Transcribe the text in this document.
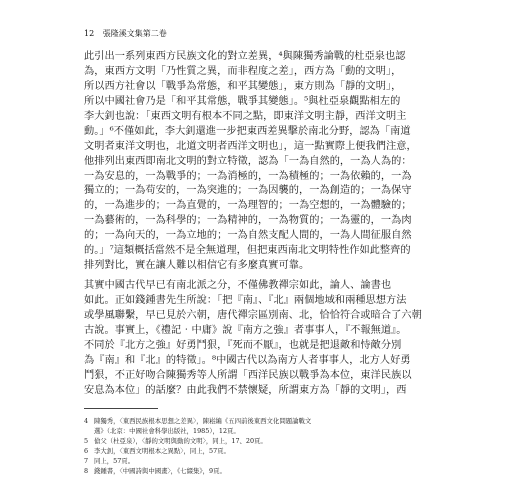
12 張隆溪文集第二卷
此引出一系列東西方民族文化的對立差異，⁴與陳獨秀論戰的杜亞泉也認
為，東西方文明「乃性質之異，而非程度之差」，西方為「動的文明」，
所以西方社會以「戰爭為常態，和平其變態」，東方則為「靜的文明」，
所以中國社會乃是「和平其常態，戰爭其變態」。⁵與杜亞泉觀點相左的
李大釗也說：「東西文明有根本不同之點，即東洋文明主靜，西洋文明主
動。」⁶不僅如此，李大釗還進一步把東西差異擊於南北分野，認為「南道
文明者東洋文明也，北道文明者西洋文明也」，這一點實際上便我們注意，
他排列出東西即南北文明的對立特徵，認為「一為自然的，一為人為的：
一為安息的，一為戰爭的；一為消極的，一為積極的；一為依賴的，一為
獨立的；一為苟安的，一為突進的；一為因襲的，一為創造的；一為保守
的，一為進步的；一為直覺的，一為理智的；一為空想的，一為體驗的；
一為藝術的，一為科學的；一為精神的，一為物質的；一為靈的，一為肉
的；一為向天的，一為立地的；一為自然支配人間的，一為人間征服自然
的。」⁷這類概括當然不是全無道理，但把東西南北文明特性作如此整齊的
排列對比，實在讓人難以相信它有多麼真實可靠。
其實中國古代早已有南北派之分，不僅佛教禪宗如此，論人、論書也
如此。正如錢鍾書先生所說：「把『南』、『北』兩個地域和兩種思想方法
或學風聯繫，早已見於六朝，唐代禪宗區別南、北，恰恰符合或暗合了六朝
古說。事實上，《禮記‧中庸》說『南方之強』者事事人，『不報無道』。
不同於『北方之強』好勇鬥狠，『死而不厭』，也就是把退敵和恃敵分別
為『南』和『北』的特徵」。⁸中國古代以為南方人者事事人，北方人好勇
鬥狠，不正好吻合陳獨秀等人所謂「西洋民族以戰爭為本位，東洋民族以
安息為本位」的話麼？由此我們不禁懷疑，所謂東方為「靜的文明」，西
4 陳獨秀，〈東西民族根本思想之差異〉，陳崧編《五四前後東西文化問題論戰文
選》（北京：中國社會科學出版社，1985），12頁。
5 傖父（杜亞泉），〈靜的文明與動的文明〉，同上，17、20頁。
6 李大釗，〈東西文明根本之異點〉，同上，57頁。
7 同上，57頁。
8 錢鍾書，〈中國詩與中國畫〉，《七綴集》，9頁。
